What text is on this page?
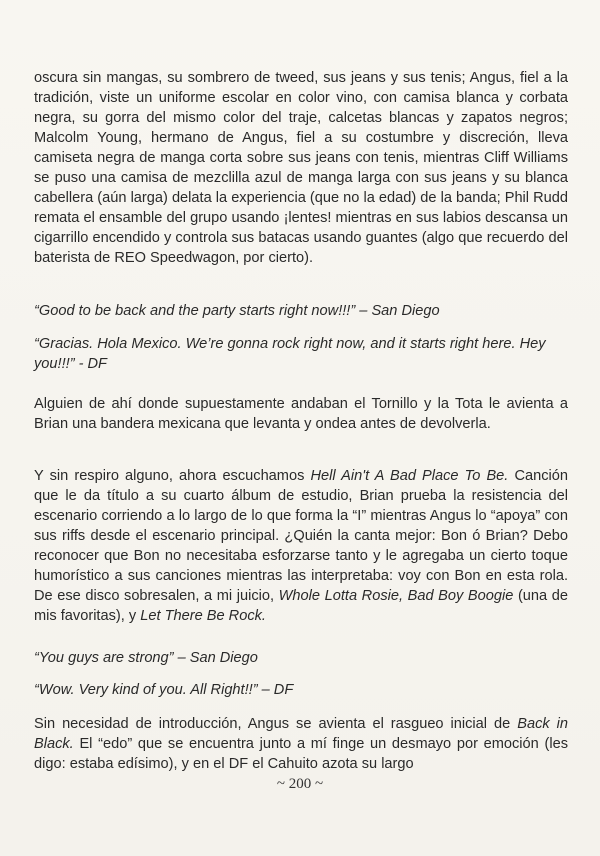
oscura sin mangas, su sombrero de tweed, sus jeans y sus tenis; Angus, fiel a la tradición, viste un uniforme escolar en color vino, con camisa blanca y corbata negra, su gorra del mismo color del traje, calcetas blancas y zapatos negros; Malcolm Young, hermano de Angus, fiel a su costumbre y discreción, lleva camiseta negra de manga corta sobre sus jeans con tenis, mientras Cliff Williams se puso una camisa de mezclilla azul de manga larga con sus jeans y su blanca cabellera (aún larga) delata la experiencia (que no la edad) de la banda; Phil Rudd remata el ensamble del grupo usando ¡lentes! mientras en sus labios descansa un cigarrillo encendido y controla sus batacas usando guantes (algo que recuerdo del baterista de REO Speedwagon, por cierto).

“Good to be back and the party starts right now!!!” – San Diego

“Gracias. Hola Mexico. We’re gonna rock right now, and it starts right here. Hey you!!!” - DF

Alguien de ahí donde supuestamente andaban el Tornillo y la Tota le avienta a Brian una bandera mexicana que levanta y ondea antes de devolverla.

Y sin respiro alguno, ahora escuchamos Hell Ain't A Bad Place To Be. Canción que le da título a su cuarto álbum de estudio, Brian prueba la resistencia del escenario corriendo a lo largo de lo que forma la “I” mientras Angus lo “apoya” con sus riffs desde el escenario principal. ¿Quién la canta mejor: Bon ó Brian? Debo reconocer que Bon no necesitaba esforzarse tanto y le agregaba un cierto toque humorístico a sus canciones mientras las interpretaba: voy con Bon en esta rola. De ese disco sobresalen, a mi juicio, Whole Lotta Rosie, Bad Boy Boogie (una de mis favoritas), y Let There Be Rock.

“You guys are strong” – San Diego

“Wow. Very kind of you. All Right!!” – DF

Sin necesidad de introducción, Angus se avienta el rasgueo inicial de Back in Black. El “edo” que se encuentra junto a mí finge un desmayo por emoción (les digo: estaba edísimo), y en el DF el Cahuito azota su largo

~ 200 ~
